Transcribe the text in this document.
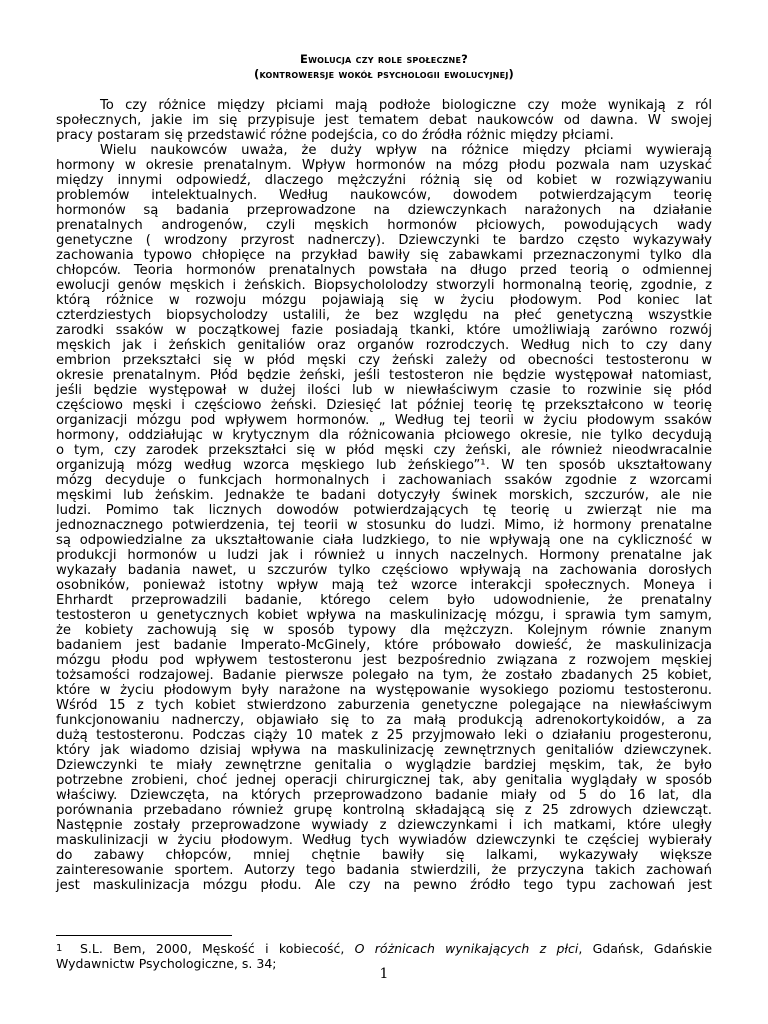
Ewolucja czy role społeczne?
(kontrowersje wokół psychologii ewolucyjnej)
To czy różnice między płciami mają podłoże biologiczne czy może wynikają z ról
społecznych, jakie im się przypisuje jest tematem debat naukowców od dawna. W swojej
pracy postaram się przedstawić różne podejścia, co do źródła różnic między płciami.
Wielu naukowców uważa, że duży wpływ na różnice między płciami wywierają
hormony w okresie prenatalnym. Wpływ hormonów na mózg płodu pozwala nam uzyskać
między innymi odpowiedź, dlaczego mężczyźni różnią się od kobiet w rozwiązywaniu
problemów intelektualnych. Według naukowców, dowodem potwierdzającym teorię
hormonów są badania przeprowadzone na dziewczynkach narażonych na działanie
prenatalnych androgenów, czyli męskich hormonów płciowych, powodujących wady
genetyczne ( wrodzony przyrost nadnerczy). Dziewczynki te bardzo często wykazywały
zachowania typowo chłopięce na przykład bawiły się zabawkami przeznaczonymi tylko dla
chłopców. Teoria hormonów prenatalnych powstała na długo przed teorią o odmiennej
ewolucji genów męskich i żeńskich. Biopsychololodzy stworzyli hormonalną teorię, zgodnie, z
którą różnice w rozwoju mózgu pojawiają się w życiu płodowym. Pod koniec lat
czterdziestych biopsycholodzy ustalili, że bez względu na płeć genetyczną wszystkie
zarodki ssaków w początkowej fazie posiadają tkanki, które umożliwiają zarówno rozwój
męskich jak i żeńskich genitaliów oraz organów rozrodczych. Według nich to czy dany
embrion przekształci się w płód męski czy żeński zależy od obecności testosteronu w
okresie prenatalnym. Płód będzie żeński, jeśli testosteron nie będzie występował natomiast,
jeśli będzie występował w dużej ilości lub w niewłaściwym czasie to rozwinie się płód
częściowo męski i częściowo żeński. Dziesięć lat później teorię tę przekształcono w teorię
organizacji mózgu pod wpływem hormonów. „ Według tej teorii w życiu płodowym ssaków
hormony, oddziałując w krytycznym dla różnicowania płciowego okresie, nie tylko decydują
o tym, czy zarodek przekształci się w płód męski czy żeński, ale również nieodwracalnie
organizują mózg według wzorca męskiego lub żeńskiego”¹. W ten sposób ukształtowany
mózg decyduje o funkcjach hormonalnych i zachowaniach ssaków zgodnie z wzorcami
męskimi lub żeńskim. Jednakże te badani dotyczyły świnek morskich, szczurów, ale nie
ludzi. Pomimo tak licznych dowodów potwierdzających tę teorię u zwierząt nie ma
jednoznacznego potwierdzenia, tej teorii w stosunku do ludzi. Mimo, iż hormony prenatalne
są odpowiedzialne za ukształtowanie ciała ludzkiego, to nie wpływają one na cykliczność w
produkcji hormonów u ludzi jak i również u innych naczelnych. Hormony prenatalne jak
wykazały badania nawet, u szczurów tylko częściowo wpływają na zachowania dorosłych
osobników, ponieważ istotny wpływ mają też wzorce interakcji społecznych. Moneya i
Ehrhardt przeprowadzili badanie, którego celem było udowodnienie, że prenatalny
testosteron u genetycznych kobiet wpływa na maskulinizację mózgu, i sprawia tym samym,
że kobiety zachowują się w sposób typowy dla mężczyzn. Kolejnym równie znanym
badaniem jest badanie Imperato-McGinely, które próbowało dowieść, że maskulinizacja
mózgu płodu pod wpływem testosteronu jest bezpośrednio związana z rozwojem męskiej
tożsamości rodzajowej. Badanie pierwsze polegało na tym, że zostało zbadanych 25 kobiet,
które w życiu płodowym były narażone na występowanie wysokiego poziomu testosteronu.
Wśród 15 z tych kobiet stwierdzono zaburzenia genetyczne polegające na niewłaściwym
funkcjonowaniu nadnerczy, objawiało się to za małą produkcją adrenokortykoidów, a za
dużą testosteronu. Podczas ciąży 10 matek z 25 przyjmowało leki o działaniu progesteronu,
który jak wiadomo dzisiaj wpływa na maskulinizację zewnętrznych genitaliów dziewczynek.
Dziewczynki te miały zewnętrzne genitalia o wyglądzie bardziej męskim, tak, że było
potrzebne zrobieni, choć jednej operacji chirurgicznej tak, aby genitalia wyglądały w sposób
właściwy. Dziewczęta, na których przeprowadzono badanie miały od 5 do 16 lat, dla
porównania przebadano również grupę kontrolną składającą się z 25 zdrowych dziewcząt.
Następnie zostały przeprowadzone wywiady z dziewczynkami i ich matkami, które uległy
maskulinizacji w życiu płodowym. Według tych wywiadów dziewczynki te częściej wybierały
do zabawy chłopców, mniej chętnie bawiły się lalkami, wykazywały większe
zainteresowanie sportem. Autorzy tego badania stwierdzili, że przyczyna takich zachowań
jest maskulinizacja mózgu płodu. Ale czy na pewno źródło tego typu zachowań jest
1 S.L. Bem, 2000, Męskość i kobiecość, O różnicach wynikających z płci, Gdańsk, Gdańskie
Wydawnictw Psychologiczne, s. 34;
1
